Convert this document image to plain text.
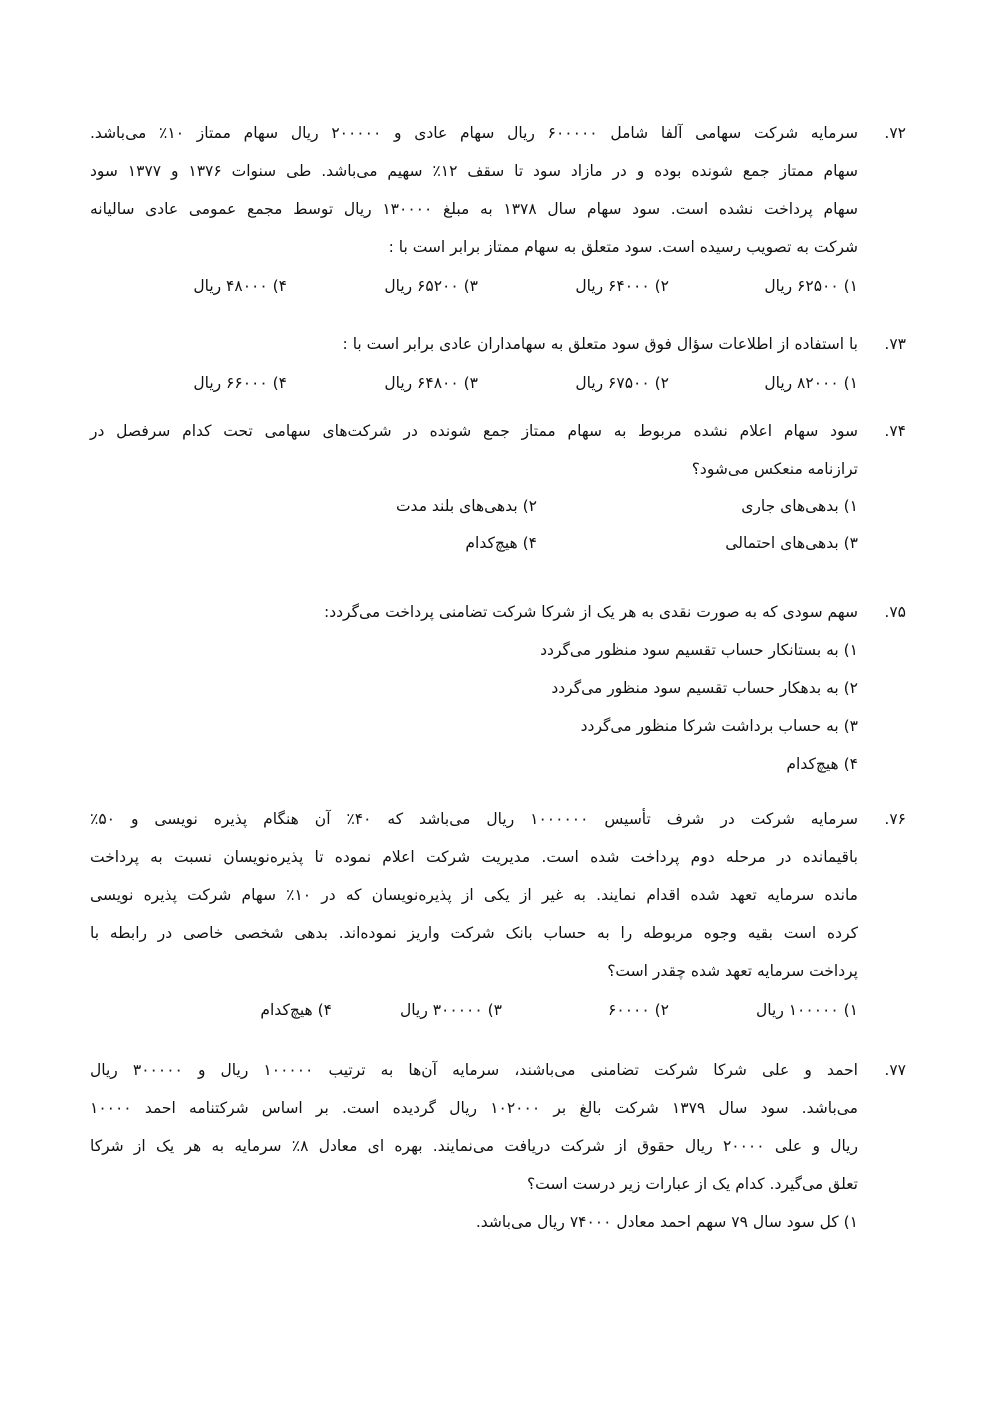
۷۲.
سرمایه شرکت سهامی آلفا شامل ۶۰۰۰۰۰ ریال سهام عادی و ۲۰۰۰۰۰ ریال سهام ممتاز ۱۰٪ می‌باشد.
سهام ممتاز جمع شونده بوده و در مازاد سود تا سقف ۱۲٪ سهیم می‌باشد. طی سنوات ۱۳۷۶ و ۱۳۷۷ سود
سهام پرداخت نشده است. سود سهام سال ۱۳۷۸ به مبلغ ۱۳۰۰۰۰ ریال توسط مجمع عمومی عادی سالیانه
شرکت به تصویب رسیده است. سود متعلق به سهام ممتاز برابر است با :
۱) ۶۲۵۰۰ ریال
۲) ۶۴۰۰۰ ریال
۳) ۶۵۲۰۰ ریال
۴) ۴۸۰۰۰ ریال
۷۳.
با استفاده از اطلاعات سؤال فوق سود متعلق به سهامداران عادی برابر است با :
۱) ۸۲۰۰۰ ریال
۲) ۶۷۵۰۰ ریال
۳) ۶۴۸۰۰ ریال
۴) ۶۶۰۰۰ ریال
۷۴.
سود سهام اعلام نشده مربوط به سهام ممتاز جمع شونده در شرکت‌های سهامی تحت کدام سرفصل در
ترازنامه منعکس می‌شود؟
۱) بدهی‌های جاری
۲) بدهی‌های بلند مدت
۳) بدهی‌های احتمالی
۴) هیچ‌کدام
۷۵.
سهم سودی که به صورت نقدی به هر یک از شرکا شرکت تضامنی پرداخت می‌گردد:
۱) به بستانکار حساب تقسیم سود منظور می‌گردد
۲) به بدهکار حساب تقسیم سود منظور می‌گردد
۳) به حساب برداشت شرکا منظور می‌گردد
۴) هیچ‌کدام
۷۶.
سرمایه شرکت در شرف تأسیس ۱۰۰۰۰۰۰ ریال می‌باشد که ۴۰٪ آن هنگام پذیره نویسی و ۵۰٪
باقیمانده در مرحله دوم پرداخت شده است. مدیریت شرکت اعلام نموده تا پذیره‌نویسان نسبت به پرداخت
مانده سرمایه تعهد شده اقدام نمایند. به غیر از یکی از پذیره‌نویسان که در ۱۰٪ سهام شرکت پذیره نویسی
کرده است بقیه وجوه مربوطه را به حساب بانک شرکت واریز نموده‌اند. بدهی شخصی خاصی در رابطه با
پرداخت سرمایه تعهد شده چقدر است؟
۱) ۱۰۰۰۰۰ ریال
۲) ۶۰۰۰۰
۳) ۳۰۰۰۰۰ ریال
۴) هیچ‌کدام
۷۷.
احمد و علی شرکا شرکت تضامنی می‌باشند، سرمایه آن‌ها به ترتیب ۱۰۰۰۰۰ ریال و ۳۰۰۰۰۰ ریال
می‌باشد. سود سال ۱۳۷۹ شرکت بالغ بر ۱۰۲۰۰۰ ریال گردیده است. بر اساس شرکتنامه احمد ۱۰۰۰۰
ریال و علی ۲۰۰۰۰ ریال حقوق از شرکت دریافت می‌نمایند. بهره ای معادل ۸٪ سرمایه به هر یک از شرکا
تعلق می‌گیرد. کدام یک از عبارات زیر درست است؟
۱) کل سود سال ۷۹ سهم احمد معادل ۷۴۰۰۰ ریال می‌باشد.
